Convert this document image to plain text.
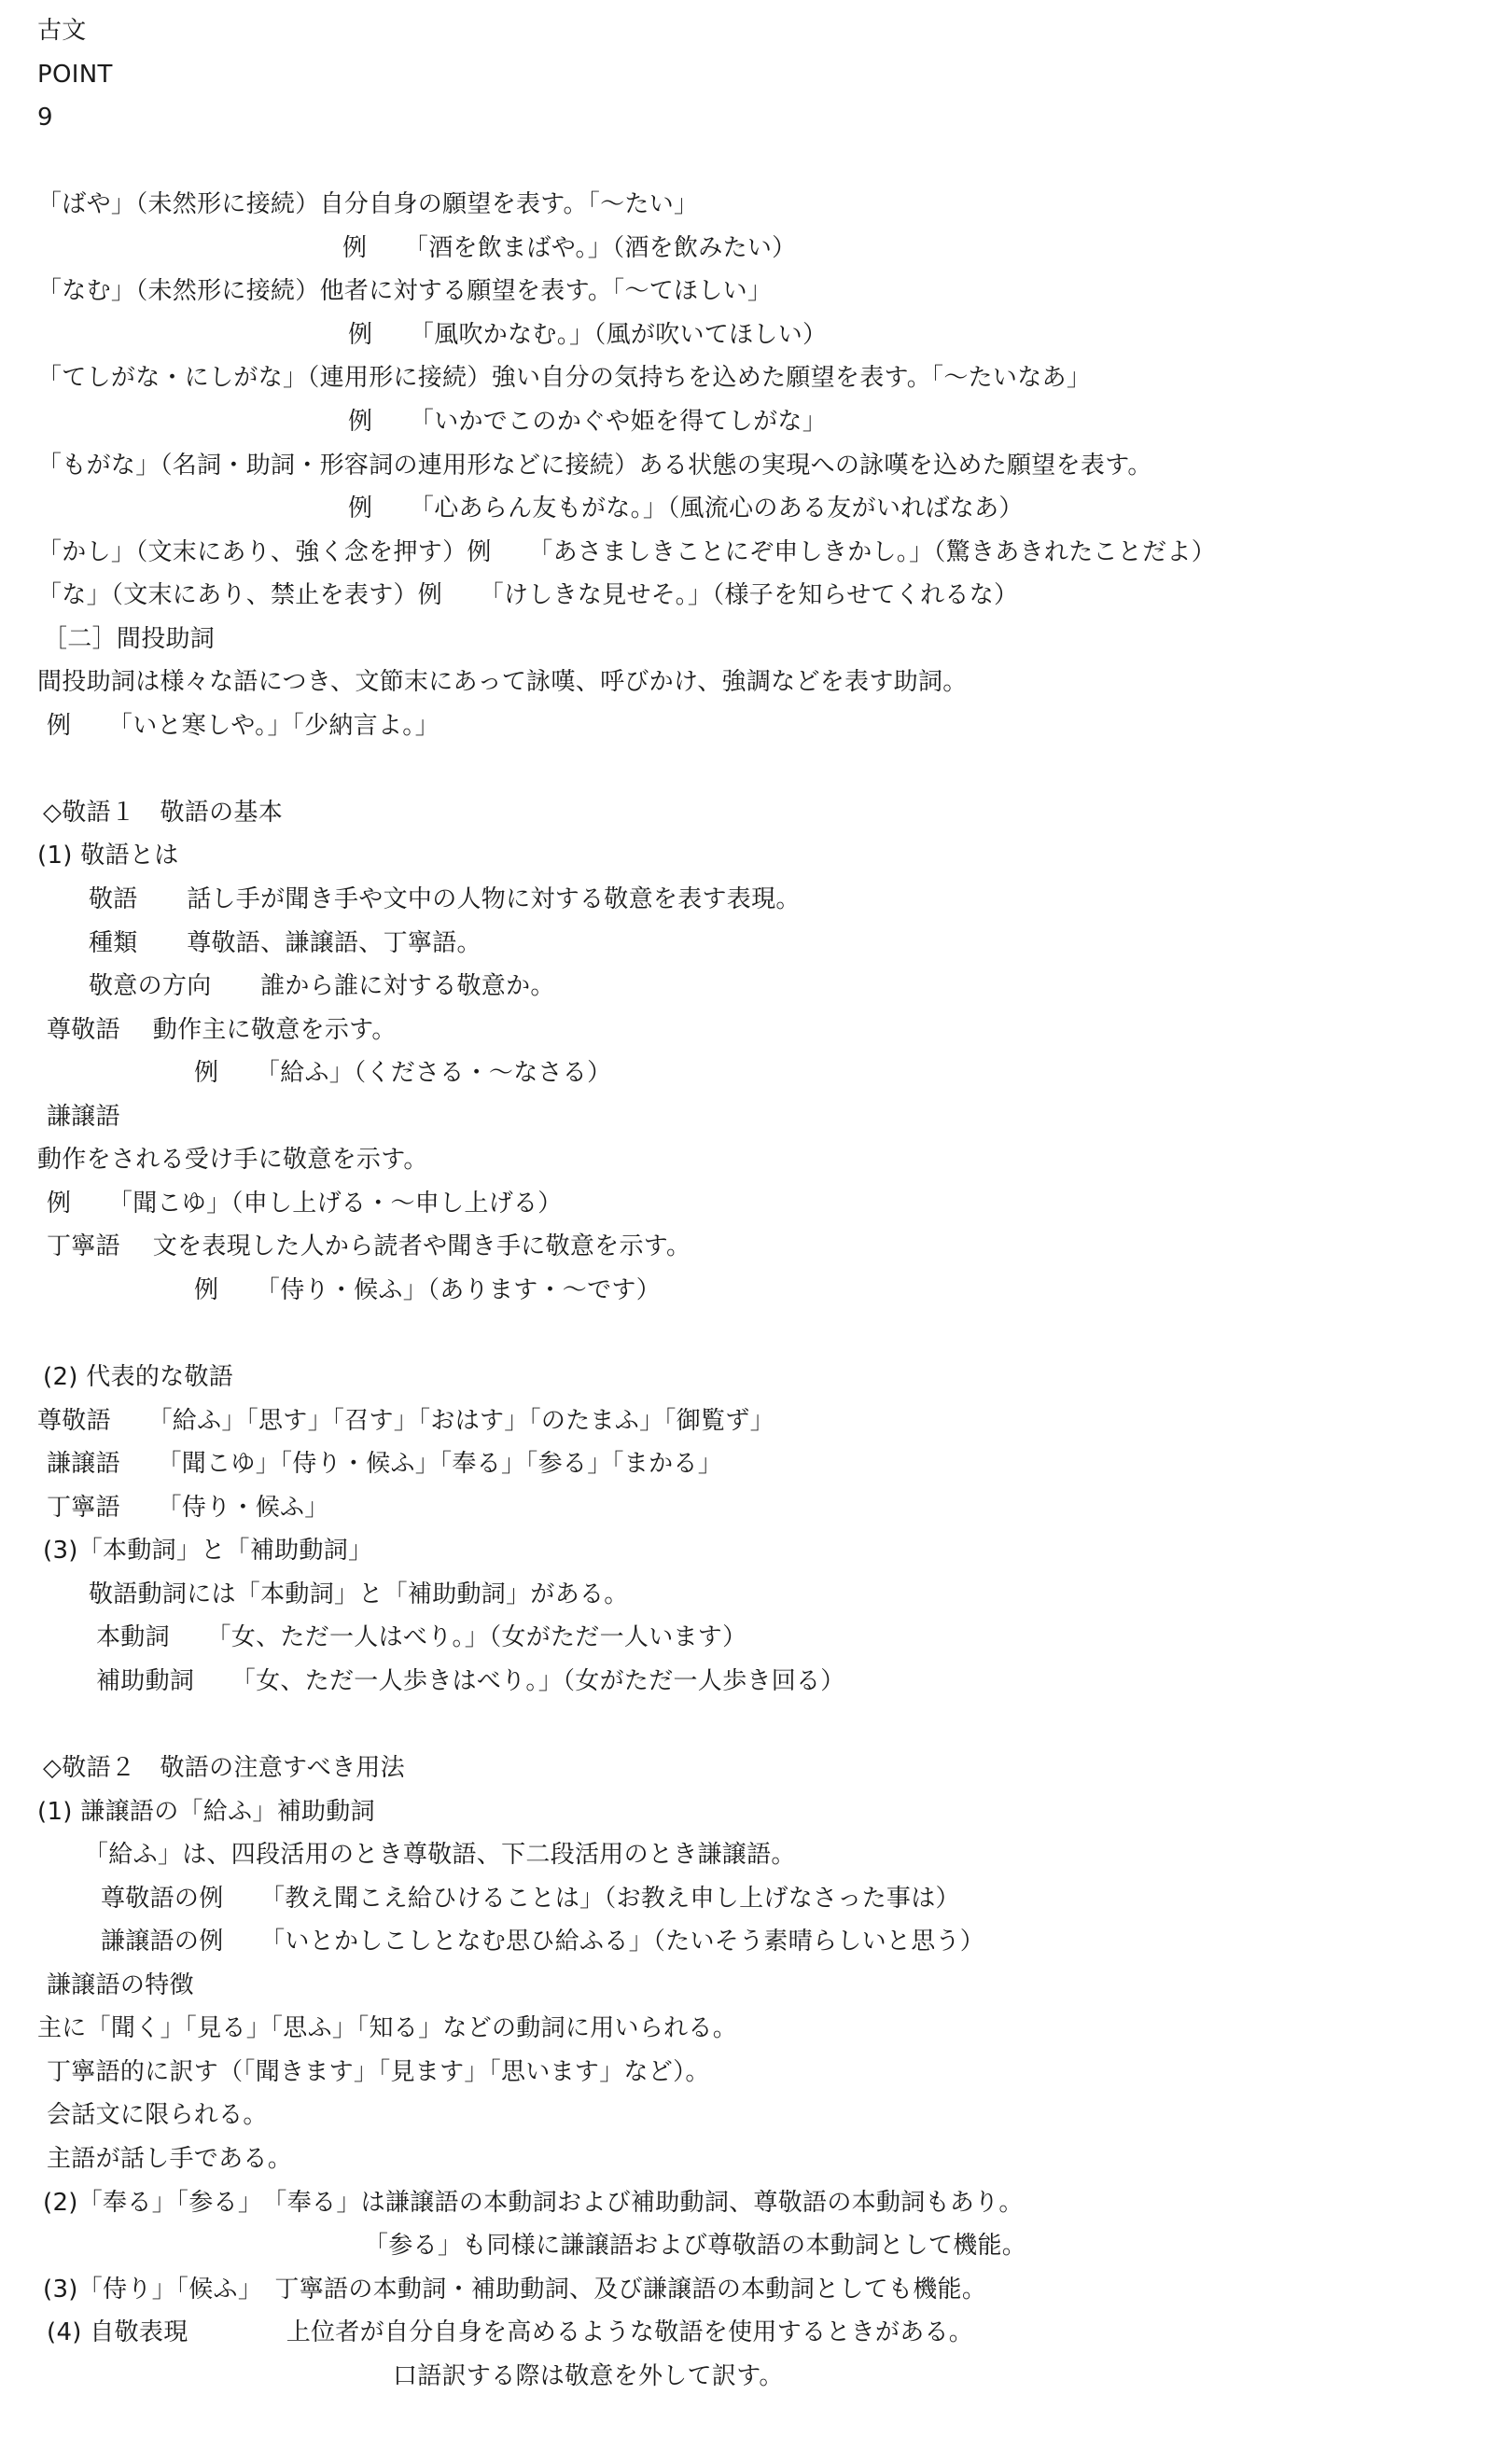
古文
POINT
9
「ばや」（未然形に接続）自分自身の願望を表す。「〜たい」
例　　「酒を飲まばや。」（酒を飲みたい）
「なむ」（未然形に接続）他者に対する願望を表す。「〜てほしい」
例　　「風吹かなむ。」（風が吹いてほしい）
「てしがな・にしがな」（連用形に接続）強い自分の気持ちを込めた願望を表す。「〜たいなあ」
例　　「いかでこのかぐや姫を得てしがな」
「もがな」（名詞・助詞・形容詞の連用形などに接続）ある状態の実現への詠嘆を込めた願望を表す。
例　　「心あらん友もがな。」（風流心のある友がいればなあ）
「かし」（文末にあり、強く念を押す）例　　「あさましきことにぞ申しきかし。」（驚きあきれたことだよ）
「な」（文末にあり、禁止を表す）例　　「けしきな見せそ。」（様子を知らせてくれるな）
［二］間投助詞
間投助詞は様々な語につき、文節末にあって詠嘆、呼びかけ、強調などを表す助詞。
例　　「いと寒しや。」「少納言よ。」
◇敬語１　敬語の基本
(1) 敬語とは
敬語　　話し手が聞き手や文中の人物に対する敬意を表す表現。
種類　　尊敬語、謙譲語、丁寧語。
敬意の方向　　誰から誰に対する敬意か。
尊敬語　 動作主に敬意を示す。
例　　「給ふ」（くださる・〜なさる）
謙譲語
動作をされる受け手に敬意を示す。
例　　「聞こゆ」（申し上げる・〜申し上げる）
丁寧語　 文を表現した人から読者や聞き手に敬意を示す。
例　　「侍り・候ふ」（あります・〜です）
(2) 代表的な敬語
尊敬語　　「給ふ」「思す」「召す」「おはす」「のたまふ」「御覧ず」
謙譲語　　「聞こゆ」「侍り・候ふ」「奉る」「参る」「まかる」
丁寧語　　「侍り・候ふ」
(3)「本動詞」と「補助動詞」
敬語動詞には「本動詞」と「補助動詞」がある。
本動詞　　「女、ただ一人はべり。」（女がただ一人います）
補助動詞　　「女、ただ一人歩きはべり。」（女がただ一人歩き回る）
◇敬語２　敬語の注意すべき用法
(1) 謙譲語の「給ふ」補助動詞
「給ふ」は、四段活用のとき尊敬語、下二段活用のとき謙譲語。
尊敬語の例　　「教え聞こえ給ひけることは」（お教え申し上げなさった事は）
謙譲語の例　　「いとかしこしとなむ思ひ給ふる」（たいそう素晴らしいと思う）
謙譲語の特徴
主に「聞く」「見る」「思ふ」「知る」などの動詞に用いられる。
丁寧語的に訳す（「聞きます」「見ます」「思います」など）。
会話文に限られる。
主語が話し手である。
(2)「奉る」「参る」　「奉る」は謙譲語の本動詞および補助動詞、尊敬語の本動詞もあり。
「参る」も同様に謙譲語および尊敬語の本動詞として機能。
(3)「侍り」「候ふ」　丁寧語の本動詞・補助動詞、及び謙譲語の本動詞としても機能。
(4) 自敬表現　　　　上位者が自分自身を高めるような敬語を使用するときがある。
口語訳する際は敬意を外して訳す。
